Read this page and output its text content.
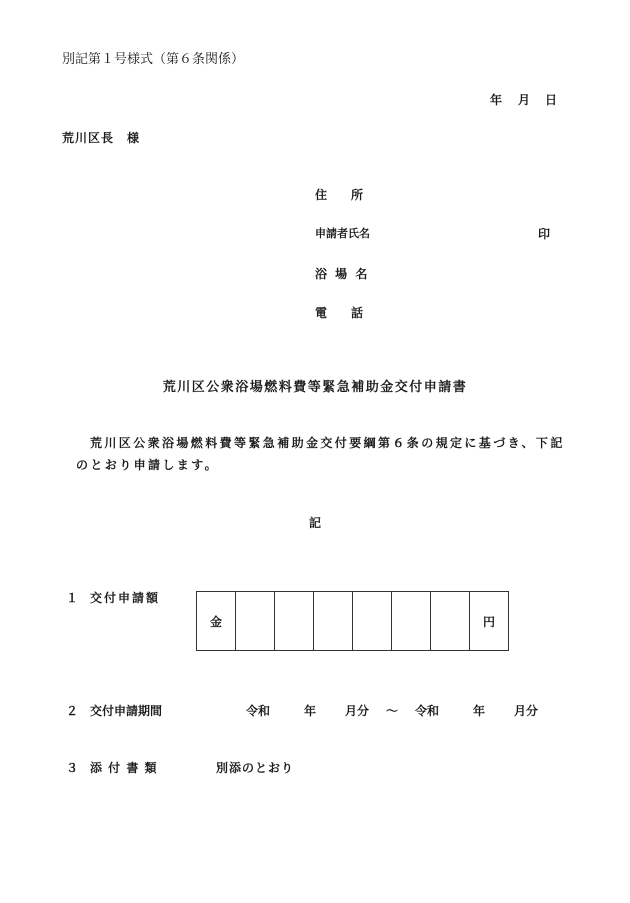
別記第１号様式（第６条関係）
年 月 日
荒川区長　様
住　　所
申請者氏名	印
浴 場 名
電　　話
荒川区公衆浴場燃料費等緊急補助金交付申請書
荒川区公衆浴場燃料費等緊急補助金交付要綱第６条の規定に基づき、下記
のとおり申請します。
記
１ 交付申請額
金							円
２ 交付申請期間	令和	年 月分 ～ 令和	年 月分
３ 添 付 書 類	別添のとおり
